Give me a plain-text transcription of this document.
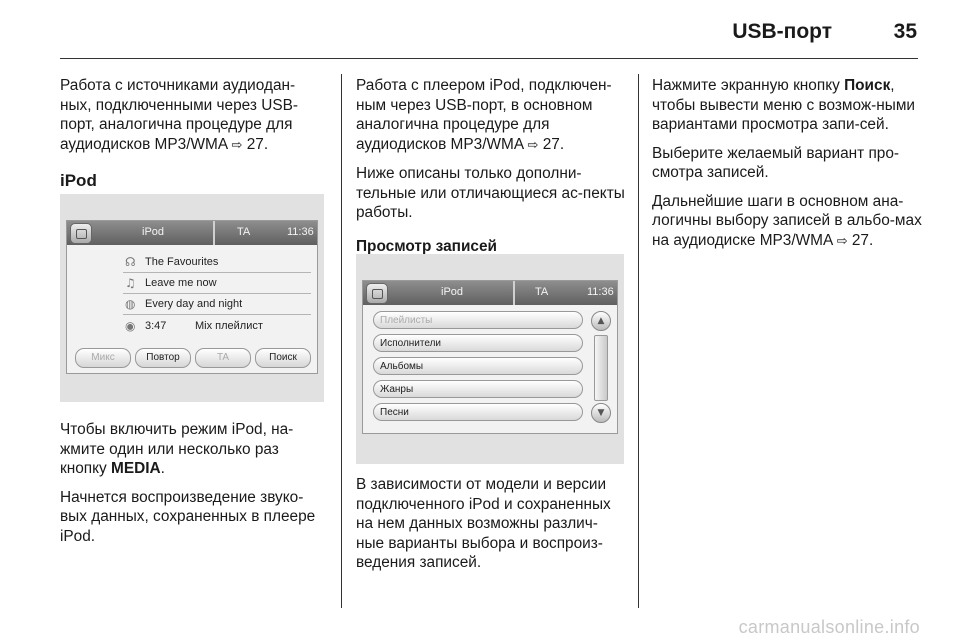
USB-порт	35

Работа с источниками аудиодан-ных, подключенными через USB-порт, аналогична процедуре для аудиодисков MP3/WMA ⇨ 27.

iPod
iPod	TA	11:36
☊ The Favourites
♫ Leave me now
◍ Every day and night
◉ 3:47	Mix плейлист
Микс	Повтор	TA	Поиск

Чтобы включить режим iPod, на-жмите один или несколько раз кнопку MEDIA.

Начнется воспроизведение звуко-вых данных, сохраненных в плеере iPod.

Работа с плеером iPod, подключен-ным через USB-порт, в основном аналогична процедуре для аудиодисков MP3/WMA ⇨ 27.

Ниже описаны только дополни-тельные или отличающиеся ас-пекты работы.

Просмотр записей
iPod	TA	11:36
Плейлисты
Исполнители
Альбомы
Жанры
Песни
▲
▼

В зависимости от модели и версии подключенного iPod и сохраненных на нем данных возможны различ-ные варианты выбора и воспроиз-ведения записей.

Нажмите экранную кнопку Поиск, чтобы вывести меню с возмож-ными вариантами просмотра запи-сей.

Выберите желаемый вариант про-смотра записей.

Дальнейшие шаги в основном ана-логичны выбору записей в альбо-мах на аудиодиске MP3/WMA ⇨ 27.

carmanualsonline.info
